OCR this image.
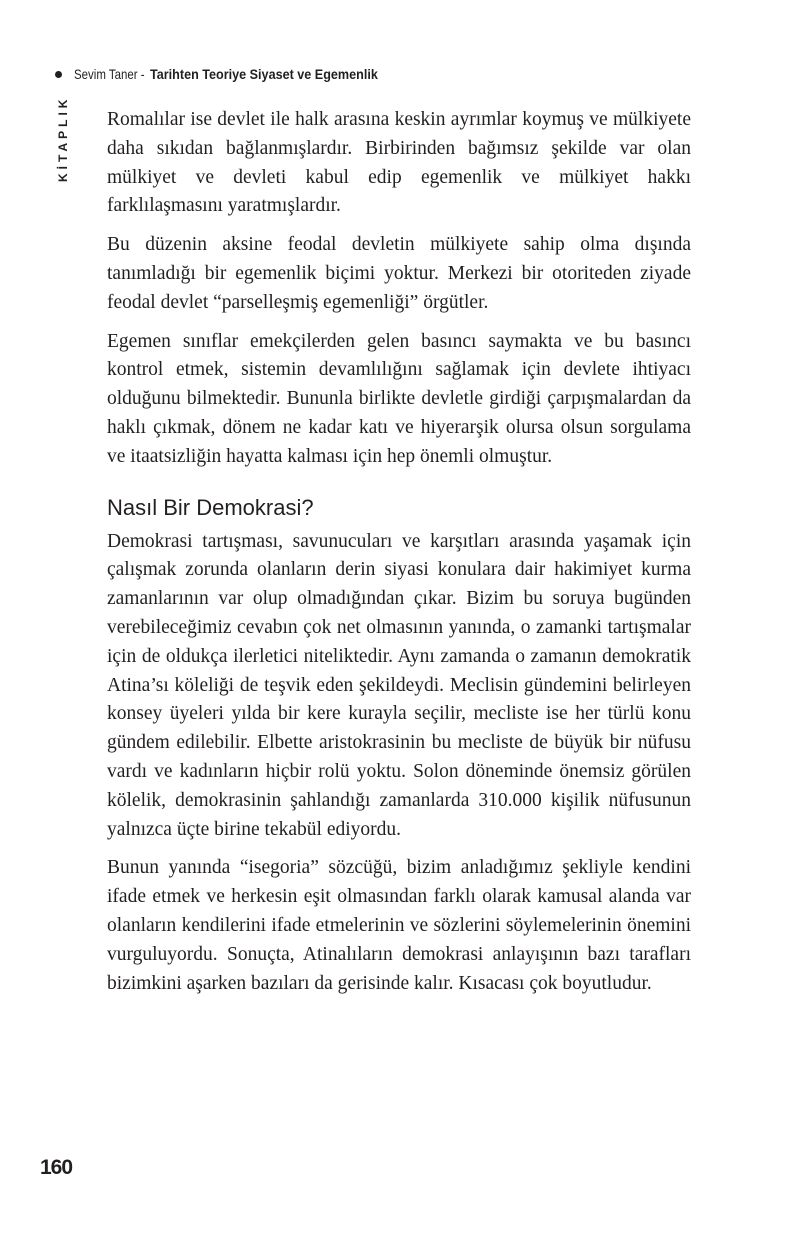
Sevim Taner - Tarihten Teoriye Siyaset ve Egemenlik
KİTAPLIK Romalılar ise devlet ile halk arasına keskin ayrımlar koymuş ve mülkiyete daha sıkıdan bağlanmışlardır. Birbirinden bağımsız şekilde var olan mülkiyet ve devleti kabul edip egemenlik ve mülkiyet hakkı farklılaşmasını yaratmışlardır.

Bu düzenin aksine feodal devletin mülkiyete sahip olma dışında tanımladığı bir egemenlik biçimi yoktur. Merkezi bir otoriteden ziyade feodal devlet “parselleşmiş egemenliği” örgütler.

Egemen sınıflar emekçilerden gelen basıncı saymakta ve bu basıncı kontrol etmek, sistemin devamlılığını sağlamak için devlete ihtiyacı olduğunu bilmektedir. Bununla birlikte devletle girdiği çarpışmalardan da haklı çıkmak, dönem ne kadar katı ve hiyerarşik olursa olsun sorgulama ve itaatsizliğin hayatta kalması için hep önemli olmuştur.

Nasıl Bir Demokrasi?

Demokrasi tartışması, savunucuları ve karşıtları arasında yaşamak için çalışmak zorunda olanların derin siyasi konulara dair hakimiyet kurma zamanlarının var olup olmadığından çıkar. Bizim bu soruya bugünden verebileceğimiz cevabın çok net olmasının yanında, o zamanki tartışmalar için de oldukça ilerletici niteliktedir. Aynı zamanda o zamanın demokratik Atina’sı köleliği de teşvik eden şekildeydi. Meclisin gündemini belirleyen konsey üyeleri yılda bir kere kurayla seçilir, mecliste ise her türlü konu gündem edilebilir. Elbette aristokrasinin bu mecliste de büyük bir nüfusu vardı ve kadınların hiçbir rolü yoktu. Solon döneminde önemsiz görülen kölelik, demokrasinin şahlandığı zamanlarda 310.000 kişilik nüfusunun yalnızca üçte birine tekabül ediyordu.

Bunun yanında “isegoria” sözcüğü, bizim anladığımız şekliyle kendini ifade etmek ve herkesin eşit olmasından farklı olarak kamusal alanda var olanların kendilerini ifade etmelerinin ve sözlerini söylemelerinin önemini vurguluyordu. Sonuçta, Atinalıların demokrasi anlayışının bazı tarafları bizimkini aşarken bazıları da gerisinde kalır. Kısacası çok boyutludur.

160
